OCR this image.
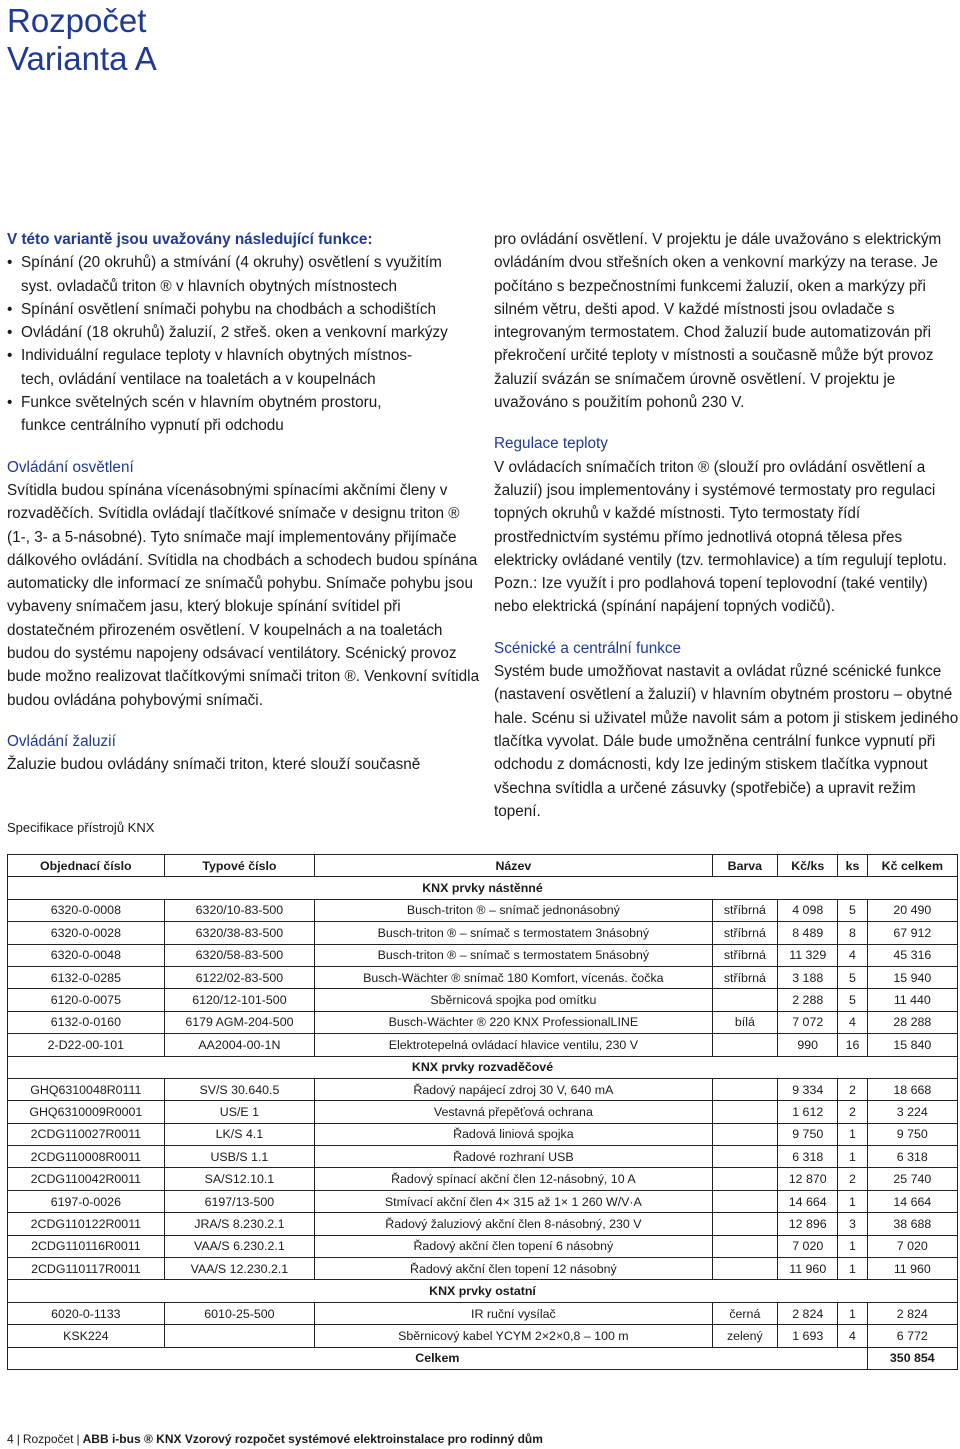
Rozpočet
Varianta A

V této variantě jsou uvažovány následující funkce:

• Spínání (20 okruhů) a stmívání (4 okruhy) osvětlení s využitím
syst. ovladačů triton ® v hlavních obytných místnostech
• Spínání osvětlení snímači pohybu na chodbách a schodištích
• Ovládání (18 okruhů) žaluzií, 2 střeš. oken a venkovní markýzy
• Individuální regulace teploty v hlavních obytných místnos-
tech, ovládání ventilace na toaletách a v koupelnách
• Funkce světelných scén v hlavním obytném prostoru,
funkce centrálního vypnutí při odchodu

Ovládání osvětlení

Svítidla budou spínána vícenásobnými spínacími akčními členy v rozvaděčích. Svítidla ovládají tlačítkové snímače v designu triton ® (1-, 3- a 5-násobné). Tyto snímače mají implementovány přijímače dálkového ovládání. Svítidla na chodbách a schodech budou spínána automaticky dle informací ze snímačů pohybu. Snímače pohybu jsou vybaveny snímačem jasu, který blokuje spínání svítidel při dostatečném přirozeném osvětlení. V koupelnách a na toaletách budou do systému napojeny odsávací ventilátory. Scénický provoz bude možno realizovat tlačítkovými snímači triton ®. Venkovní svítidla budou ovládána pohybovými snímači.

Ovládání žaluzií

Žaluzie budou ovládány snímači triton, které slouží současně

pro ovládání osvětlení. V projektu je dále uvažováno s elektrickým ovládáním dvou střešních oken a venkovní markýzy na terase. Je počítáno s bezpečnostními funkcemi žaluzií, oken a markýzy při silném větru, dešti apod. V každé místnosti jsou ovladače s integrovaným termostatem. Chod žaluzií bude automatizován při překročení určité teploty v místnosti a současně může být provoz žaluzií svázán se snímačem úrovně osvětlení. V projektu je uvažováno s použitím pohonů 230 V.

Regulace teploty

V ovládacích snímačích triton ® (slouží pro ovládání osvětlení a žaluzií) jsou implementovány i systémové termostaty pro regulaci topných okruhů v každé místnosti. Tyto termostaty řídí prostřednictvím systému přímo jednotlivá otopná tělesa přes elektricky ovládané ventily (tzv. termohlavice) a tím regulují teplotu. Pozn.: Ize využít i pro podlahová topení teplovodní (také ventily) nebo elektrická (spínání napájení topných vodičů).

Scénické a centrální funkce

Systém bude umožňovat nastavit a ovládat různé scénické funkce (nastavení osvětlení a žaluzií) v hlavním obytném prostoru – obytné hale. Scénu si uživatel může navolit sám a potom ji stiskem jediného tlačítka vyvolat. Dále bude umožněna centrální funkce vypnutí při odchodu z domácnosti, kdy Ize jediným stiskem tlačítka vypnout všechna svítidla a určené zásuvky (spotřebiče) a upravit režim topení.

Specifikace přístrojů KNX
Objednací číslo	Typové číslo	Název	Barva	Kč/ks	ks	Kč celkem
KNX prvky nástěnné						
6320-0-0008	6320/10-83-500	Busch-triton ® – snímač jednonásobný	stříbrná	4 098	5	20 490
6320-0-0028	6320/38-83-500	Busch-triton ® – snímač s termostatem 3násobný	stříbrná	8 489	8	67 912
6320-0-0048	6320/58-83-500	Busch-triton ® – snímač s termostatem 5násobný	stříbrná	11 329	4	45 316
6132-0-0285	6122/02-83-500	Busch-Wächter ® snímač 180 Komfort, vícenás. čočka	stříbrná	3 188	5	15 940
6120-0-0075	6120/12-101-500	Sběrnicová spojka pod omítku		2 288	5	11 440
6132-0-0160	6179 AGM-204-500	Busch-Wächter ® 220 KNX ProfessionalLINE	bílá	7 072	4	28 288
2-D22-00-101	AA2004-00-1N	Elektrotepelná ovládací hlavice ventilu, 230 V		990	16	15 840
KNX prvky rozvaděčové						
GHQ6310048R0111	SV/S 30.640.5	Řadový napájecí zdroj 30 V, 640 mA		9 334	2	18 668
GHQ6310009R0001	US/E 1	Vestavná přepěťová ochrana		1 612	2	3 224
2CDG110027R0011	LK/S 4.1	Řadová liniová spojka		9 750	1	9 750
2CDG110008R0011	USB/S 1.1	Řadové rozhraní USB		6 318	1	6 318
2CDG110042R0011	SA/S12.10.1	Řadový spínací akční člen 12-násobný, 10 A		12 870	2	25 740
6197-0-0026	6197/13-500	Stmívací akční člen 4× 315 až 1× 1 260 W/V·A		14 664	1	14 664
2CDG110122R0011	JRA/S 8.230.2.1	Řadový žaluziový akční člen 8-násobný, 230 V		12 896	3	38 688
2CDG110116R0011	VAA/S 6.230.2.1	Řadový akční člen topení 6 násobný		7 020	1	7 020
2CDG110117R0011	VAA/S 12.230.2.1	Řadový akční člen topení 12 násobný		11 960	1	11 960
KNX prvky ostatní						
6020-0-1133	6010-25-500	IR ruční vysílač	černá	2 824	1	2 824
KSK224		Sběrnicový kabel YCYM 2×2×0,8 – 100 m	zelený	1 693	4	6 772
Celkem						350 854
4 | Rozpočet | ABB i-bus ® KNX Vzorový rozpočet systémové elektroinstalace pro rodinný dům
